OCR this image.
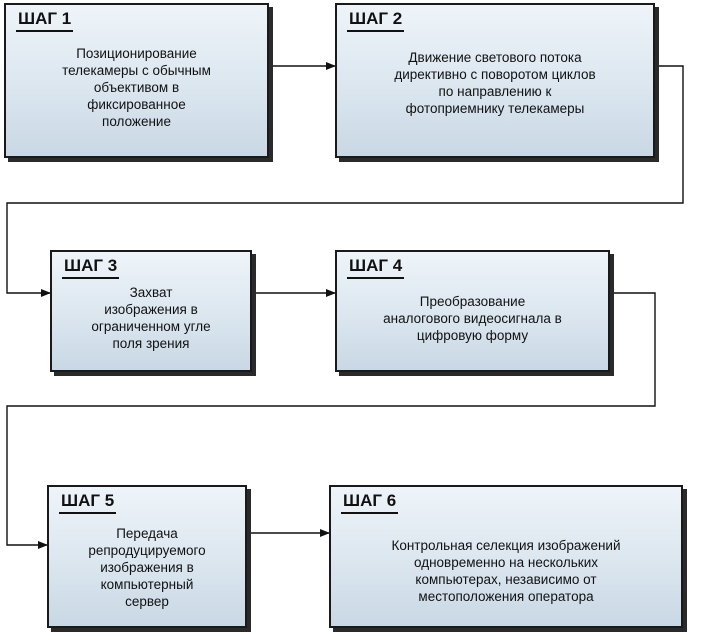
ШАГ 1
Позиционирование
телекамеры с обычным
объективом в
фиксированное
положение
ШАГ 2
Движение светового потока
директивно с поворотом циклов
по направлению к
фотоприемнику телекамеры
ШАГ 3
Захват
изображения в
ограниченном угле
поля зрения
ШАГ 4
Преобразование
аналогового видеосигнала в
цифровую форму
ШАГ 5
Передача
репродуцируемого
изображения в
компьютерный
сервер
ШАГ 6
Контрольная селекция изображений
одновременно на нескольких
компьютерах, независимо от
местоположения оператора
